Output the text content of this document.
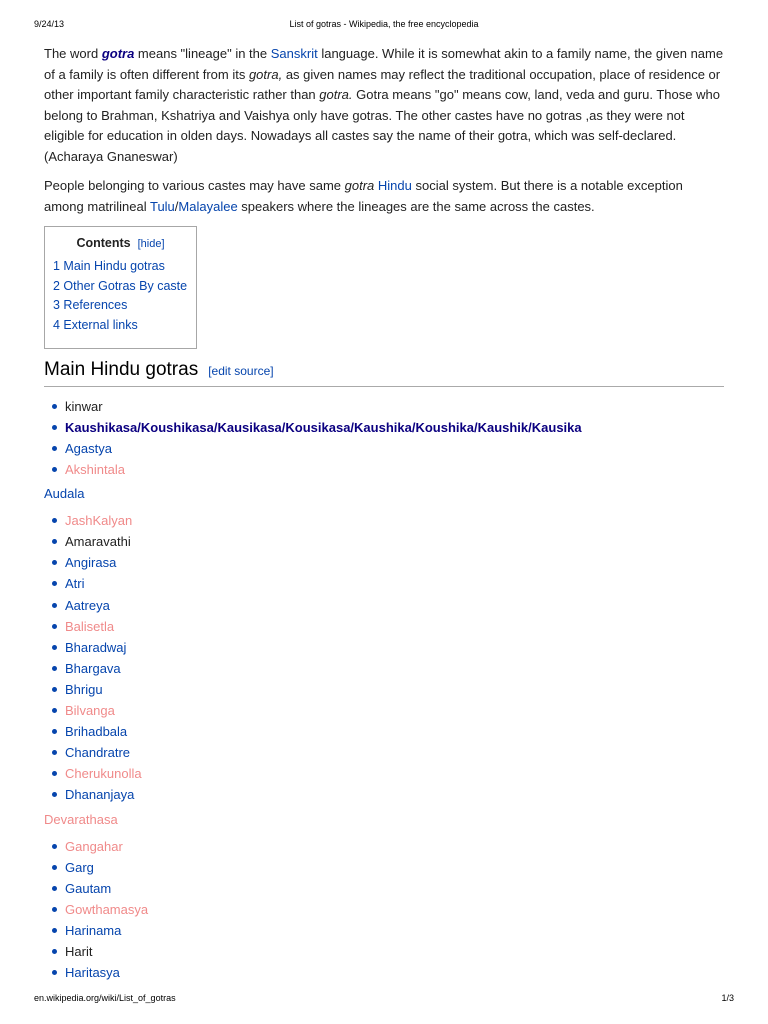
9/24/13	List of gotras - Wikipedia, the free encyclopedia

The word gotra means "lineage" in the Sanskrit language. While it is somewhat akin to a family name, the given name of a family is often different from its gotra, as given names may reflect the traditional occupation, place of residence or other important family characteristic rather than gotra. Gotra means "go" means cow, land, veda and guru. Those who belong to Brahman, Kshatriya and Vaishya only have gotras. The other castes have no gotras ,as they were not eligible for education in olden days. Nowadays all castes say the name of their gotra, which was self-declared. (Acharaya Gnaneswar)

People belonging to various castes may have same gotra Hindu social system. But there is a notable exception among matrilineal Tulu/Malayalee speakers where the lineages are the same across the castes.

Contents [hide]
1 Main Hindu gotras
2 Other Gotras By caste
3 References
4 External links
Main Hindu gotras [edit source]
kinwar
Kaushikasa/Koushikasa/Kausikasa/Kousikasa/Kaushika/Koushika/Kaushik/Kausika
Agastya
Akshintala
Audala
JashKalyan
Amaravathi
Angirasa
Atri
Aatreya
Balisetla
Bharadwaj
Bhargava
Bhrigu
Bilvanga
Brihadbala
Chandratre
Cherukunolla
Dhananjaya
Devarathasa
Gangahar
Garg
Gautam
Gowthamasya
Harinama
Harit
Haritasya
en.wikipedia.org/wiki/List_of_gotras	1/3
